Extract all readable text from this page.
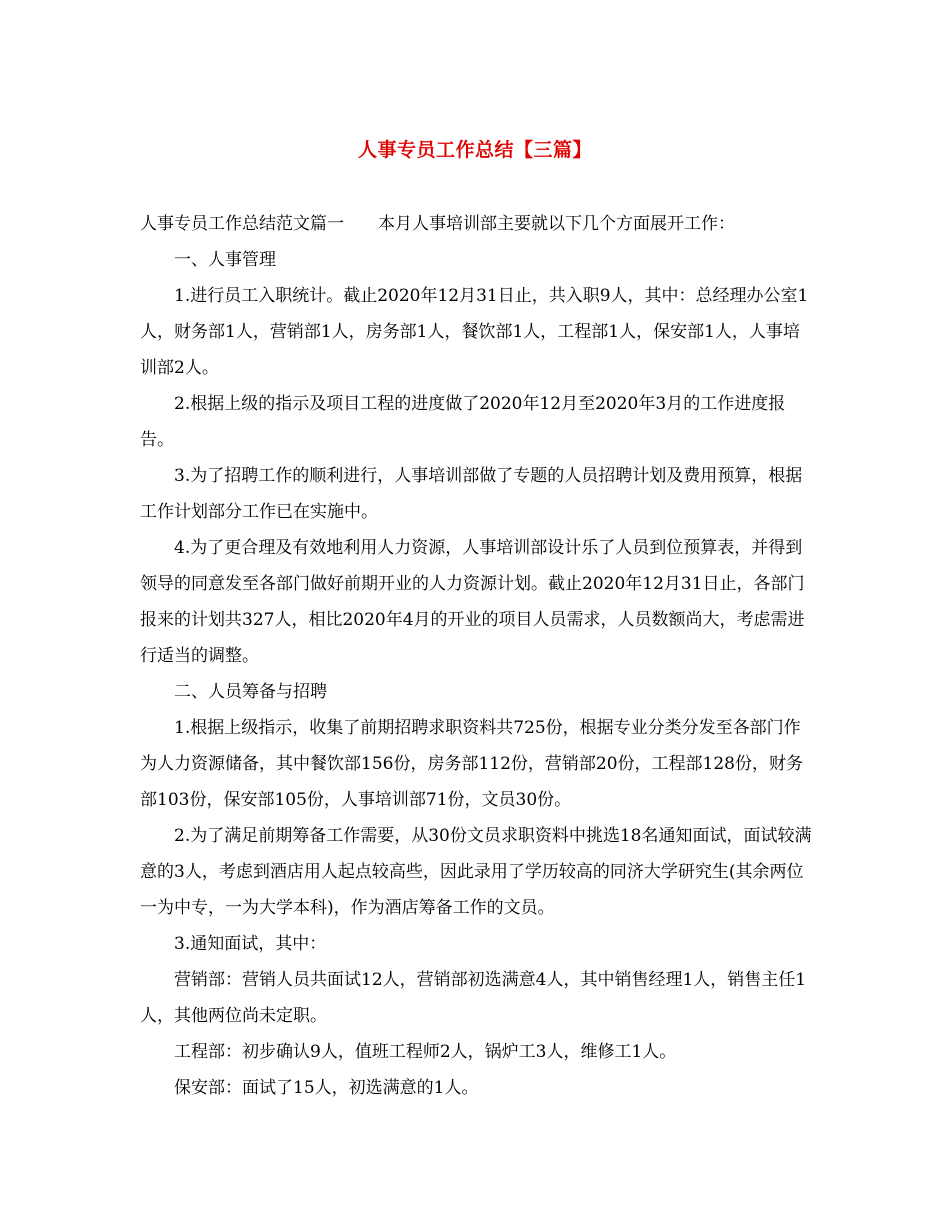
人事专员工作总结【三篇】

人事专员工作总结范文篇一　　本月人事培训部主要就以下几个方面展开工作：

一、人事管理

1.进行员工入职统计。截止2020年12月31日止，共入职9人，其中：总经理办公室1人，财务部1人，营销部1人，房务部1人，餐饮部1人，工程部1人，保安部1人，人事培训部2人。

2.根据上级的指示及项目工程的进度做了2020年12月至2020年3月的工作进度报告。

3.为了招聘工作的顺利进行，人事培训部做了专题的人员招聘计划及费用预算，根据工作计划部分工作已在实施中。

4.为了更合理及有效地利用人力资源，人事培训部设计乐了人员到位预算表，并得到领导的同意发至各部门做好前期开业的人力资源计划。截止2020年12月31日止，各部门报来的计划共327人，相比2020年4月的开业的项目人员需求，人员数额尚大，考虑需进行适当的调整。

二、人员筹备与招聘

1.根据上级指示，收集了前期招聘求职资料共725份，根据专业分类分发至各部门作为人力资源储备，其中餐饮部156份，房务部112份，营销部20份，工程部128份，财务部103份，保安部105份，人事培训部71份，文员30份。

2.为了满足前期筹备工作需要，从30份文员求职资料中挑选18名通知面试，面试较满意的3人，考虑到酒店用人起点较高些，因此录用了学历较高的同济大学研究生(其余两位一为中专，一为大学本科)，作为酒店筹备工作的文员。

3.通知面试，其中：

营销部：营销人员共面试12人，营销部初选满意4人，其中销售经理1人，销售主任1人，其他两位尚未定职。

工程部：初步确认9人，值班工程师2人，锅炉工3人，维修工1人。

保安部：面试了15人，初选满意的1人。
